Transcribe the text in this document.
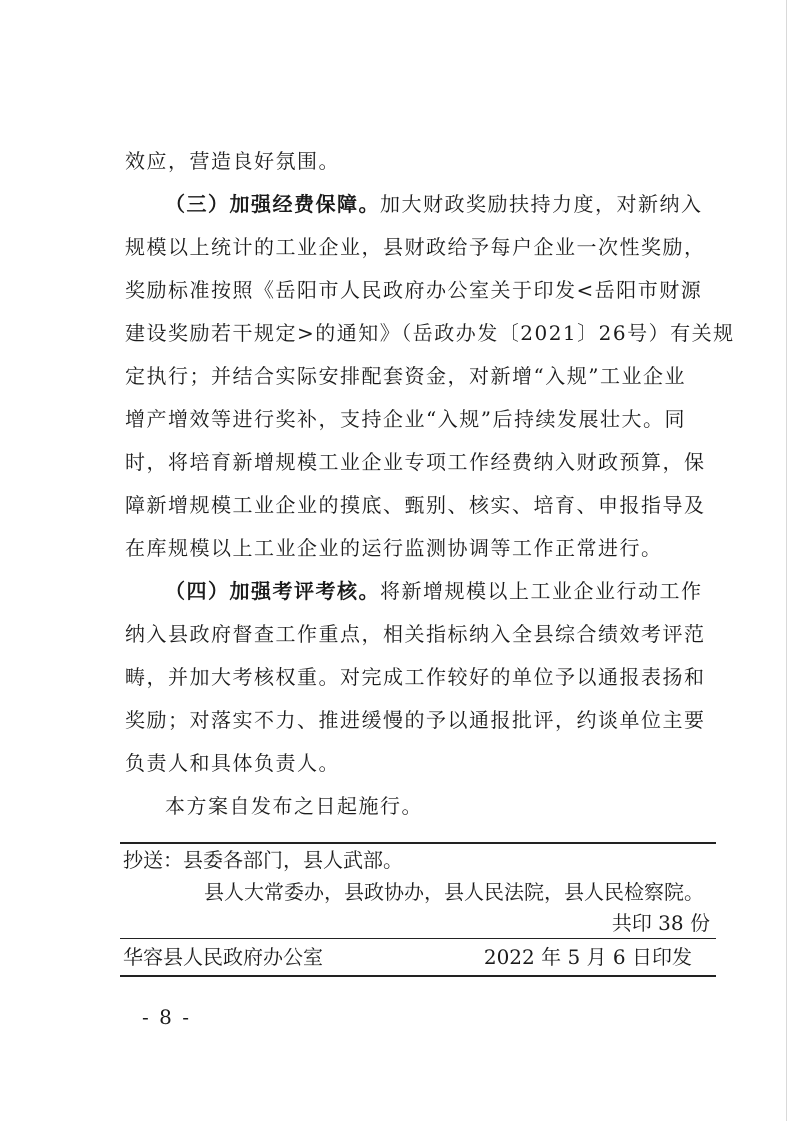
效应，营造良好氛围。
（三）加强经费保障。加大财政奖励扶持力度，对新纳入
规模以上统计的工业企业，县财政给予每户企业一次性奖励，
奖励标准按照《岳阳市人民政府办公室关于印发<岳阳市财源
建设奖励若干规定>的通知》（岳政办发〔2021〕26号）有关规
定执行；并结合实际安排配套资金，对新增“入规”工业企业
增产增效等进行奖补，支持企业“入规”后持续发展壮大。同
时，将培育新增规模工业企业专项工作经费纳入财政预算，保
障新增规模工业企业的摸底、甄别、核实、培育、申报指导及
在库规模以上工业企业的运行监测协调等工作正常进行。
（四）加强考评考核。将新增规模以上工业企业行动工作
纳入县政府督查工作重点，相关指标纳入全县综合绩效考评范
畴，并加大考核权重。对完成工作较好的单位予以通报表扬和
奖励；对落实不力、推进缓慢的予以通报批评，约谈单位主要
负责人和具体负责人。
本方案自发布之日起施行。
抄送：县委各部门，县人武部。
县人大常委办，县政协办，县人民法院，县人民检察院。
共印 38 份
华容县人民政府办公室	2022 年 5 月 6 日印发
- 8 -
